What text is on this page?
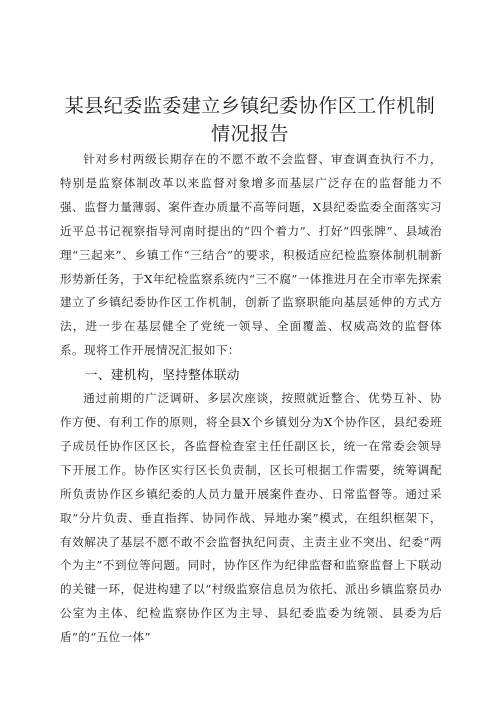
某县纪委监委建立乡镇纪委协作区工作机制情况报告

针对乡村两级长期存在的不愿不敢不会监督、审查调查执行不力，特别是监察体制改革以来监督对象增多而基层广泛存在的监督能力不强、监督力量薄弱、案件查办质量不高等问题，X县纪委监委全面落实习近平总书记视察指导河南时提出的“四个着力”、打好“四张牌”、县域治理“三起来”、乡镇工作“三结合”的要求，积极适应纪检监察体制机制新形势新任务，于X年纪检监察系统内“三不腐”一体推进月在全市率先探索建立了乡镇纪委协作区工作机制，创新了监察职能向基层延伸的方式方法，进一步在基层健全了党统一领导、全面覆盖、权威高效的监督体系。现将工作开展情况汇报如下：

一、建机构，坚持整体联动

通过前期的广泛调研、多层次座谈，按照就近整合、优势互补、协作方便、有利工作的原则，将全县X个乡镇划分为X个协作区，县纪委班子成员任协作区区长，各监督检查室主任任副区长，统一在常委会领导下开展工作。协作区实行区长负责制，区长可根据工作需要，统筹调配所负责协作区乡镇纪委的人员力量开展案件查办、日常监督等。通过采取“分片负责、垂直指挥、协同作战、异地办案”模式，在组织框架下，有效解决了基层不愿不敢不会监督执纪问责、主责主业不突出、纪委“两个为主”不到位等问题。同时，协作区作为纪律监督和监察监督上下联动的关键一环，促进构建了以“村级监察信息员为依托、派出乡镇监察员办公室为主体、纪检监察协作区为主导、县纪委监委为统领、县委为后盾”的“五位一体”
